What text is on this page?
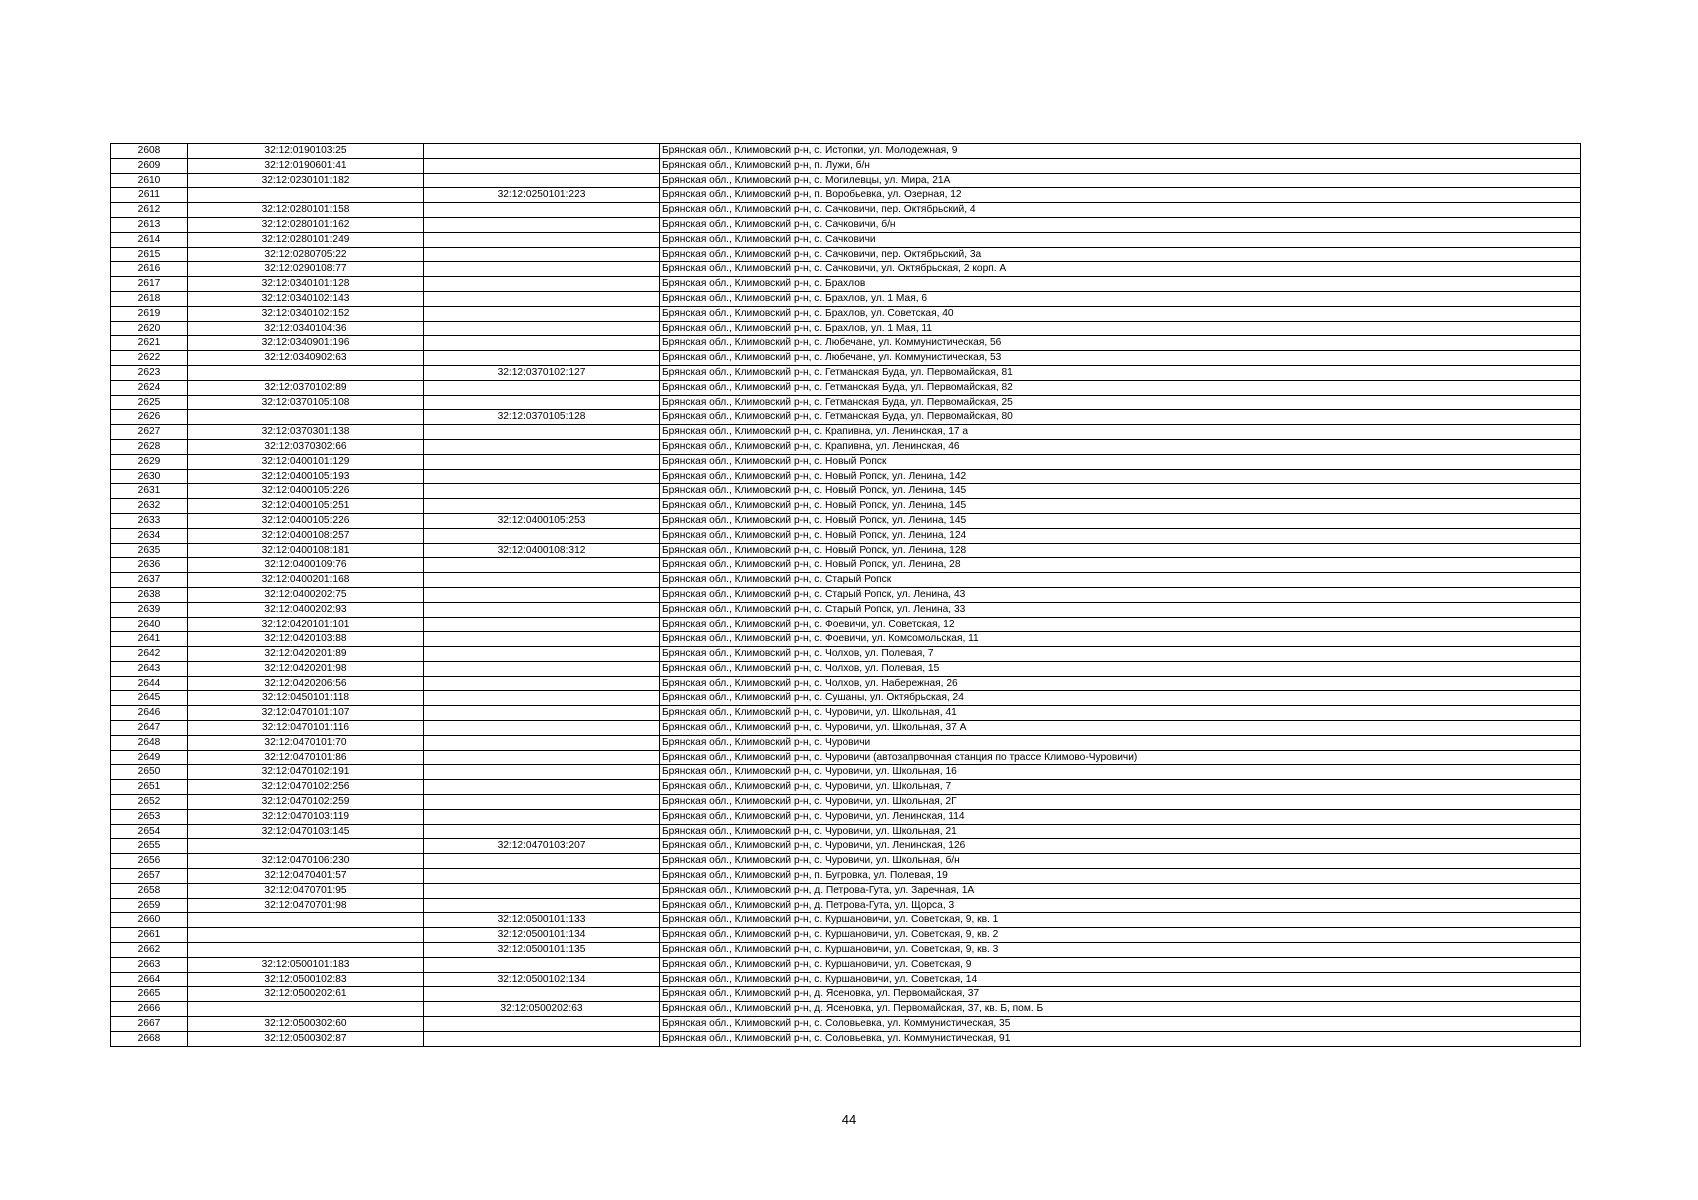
2608	32:12:0190103:25		Брянская обл., Климовский р-н, с. Истопки, ул. Молодежная, 9
2609	32:12:0190601:41		Брянская обл., Климовский р-н, п. Лужи, б/н
2610	32:12:0230101:182		Брянская обл., Климовский р-н, с. Могилевцы, ул. Мира, 21А
2611		32:12:0250101:223	Брянская обл., Климовский р-н, п. Воробьевка, ул. Озерная, 12
2612	32:12:0280101:158		Брянская обл., Климовский р-н, с. Сачковичи, пер. Октябрьский, 4
2613	32:12:0280101:162		Брянская обл., Климовский р-н, с. Сачковичи, б/н
2614	32:12:0280101:249		Брянская обл., Климовский р-н, с. Сачковичи
2615	32:12:0280705:22		Брянская обл., Климовский р-н, с. Сачковичи, пер. Октябрьский, 3а
2616	32:12:0290108:77		Брянская обл., Климовский р-н, с. Сачковичи, ул. Октябрьская, 2 корп. А
2617	32:12:0340101:128		Брянская обл., Климовский р-н, с. Брахлов
2618	32:12:0340102:143		Брянская обл., Климовский р-н, с. Брахлов, ул. 1 Мая, 6
2619	32:12:0340102:152		Брянская обл., Климовский р-н, с. Брахлов, ул. Советская, 40
2620	32:12:0340104:36		Брянская обл., Климовский р-н, с. Брахлов, ул. 1 Мая, 11
2621	32:12:0340901:196		Брянская обл., Климовский р-н, с. Любечане, ул. Коммунистическая, 56
2622	32:12:0340902:63		Брянская обл., Климовский р-н, с. Любечане, ул. Коммунистическая, 53
2623		32:12:0370102:127	Брянская обл., Климовский р-н, с. Гетманская Буда, ул. Первомайская, 81
2624	32:12:0370102:89		Брянская обл., Климовский р-н, с. Гетманская Буда, ул. Первомайская, 82
2625	32:12:0370105:108		Брянская обл., Климовский р-н, с. Гетманская Буда, ул. Первомайская, 25
2626		32:12:0370105:128	Брянская обл., Климовский р-н, с. Гетманская Буда, ул. Первомайская, 80
2627	32:12:0370301:138		Брянская обл., Климовский р-н, с. Крапивна, ул. Ленинская, 17 а
2628	32:12:0370302:66		Брянская обл., Климовский р-н, с. Крапивна, ул. Ленинская, 46
2629	32:12:0400101:129		Брянская обл., Климовский р-н, с. Новый Ропск
2630	32:12:0400105:193		Брянская обл., Климовский р-н, с. Новый Ропск, ул. Ленина, 142
2631	32:12:0400105:226		Брянская обл., Климовский р-н, с. Новый Ропск, ул. Ленина, 145
2632	32:12:0400105:251		Брянская обл., Климовский р-н, с. Новый Ропск, ул. Ленина, 145
2633	32:12:0400105:226	32:12:0400105:253	Брянская обл., Климовский р-н, с. Новый Ропск, ул. Ленина, 145
2634	32:12:0400108:257		Брянская обл., Климовский р-н, с. Новый Ропск, ул. Ленина, 124
2635	32:12:0400108:181	32:12:0400108:312	Брянская обл., Климовский р-н, с. Новый Ропск, ул. Ленина, 128
2636	32:12:0400109:76		Брянская обл., Климовский р-н, с. Новый Ропск, ул. Ленина, 28
2637	32:12:0400201:168		Брянская обл., Климовский р-н, с. Старый Ропск
2638	32:12:0400202:75		Брянская обл., Климовский р-н, с. Старый Ропск, ул. Ленина, 43
2639	32:12:0400202:93		Брянская обл., Климовский р-н, с. Старый Ропск, ул. Ленина, 33
2640	32:12:0420101:101		Брянская обл., Климовский р-н, с. Фоевичи, ул. Советская, 12
2641	32:12:0420103:88		Брянская обл., Климовский р-н, с. Фоевичи, ул. Комсомольская, 11
2642	32:12:0420201:89		Брянская обл., Климовский р-н, с. Чолхов, ул. Полевая, 7
2643	32:12:0420201:98		Брянская обл., Климовский р-н, с. Чолхов, ул. Полевая, 15
2644	32:12:0420206:56		Брянская обл., Климовский р-н, с. Чолхов, ул. Набережная, 26
2645	32:12:0450101:118		Брянская обл., Климовский р-н, с. Сушаны, ул. Октябрьская, 24
2646	32:12:0470101:107		Брянская обл., Климовский р-н, с. Чуровичи, ул. Школьная, 41
2647	32:12:0470101:116		Брянская обл., Климовский р-н, с. Чуровичи, ул. Школьная, 37 А
2648	32:12:0470101:70		Брянская обл., Климовский р-н, с. Чуровичи
2649	32:12:0470101:86		Брянская обл., Климовский р-н, с. Чуровичи (автозапрвочная станция по трассе Климово-Чуровичи)
2650	32:12:0470102:191		Брянская обл., Климовский р-н, с. Чуровичи, ул. Школьная, 16
2651	32:12:0470102:256		Брянская обл., Климовский р-н, с. Чуровичи, ул. Школьная, 7
2652	32:12:0470102:259		Брянская обл., Климовский р-н, с. Чуровичи, ул. Школьная, 2Г
2653	32:12:0470103:119		Брянская обл., Климовский р-н, с. Чуровичи, ул. Ленинская, 114
2654	32:12:0470103:145		Брянская обл., Климовский р-н, с. Чуровичи, ул. Школьная, 21
2655		32:12:0470103:207	Брянская обл., Климовский р-н, с. Чуровичи, ул. Ленинская, 126
2656	32:12:0470106:230		Брянская обл., Климовский р-н, с. Чуровичи, ул. Школьная, б/н
2657	32:12:0470401:57		Брянская обл., Климовский р-н, п. Бугровка, ул. Полевая, 19
2658	32:12:0470701:95		Брянская обл., Климовский р-н, д. Петрова-Гута, ул. Заречная, 1А
2659	32:12:0470701:98		Брянская обл., Климовский р-н, д. Петрова-Гута, ул. Щорса, 3
2660		32:12:0500101:133	Брянская обл., Климовский р-н, с. Куршановичи, ул. Советская, 9, кв. 1
2661		32:12:0500101:134	Брянская обл., Климовский р-н, с. Куршановичи, ул. Советская, 9, кв. 2
2662		32:12:0500101:135	Брянская обл., Климовский р-н, с. Куршановичи, ул. Советская, 9, кв. 3
2663	32:12:0500101:183		Брянская обл., Климовский р-н, с. Куршановичи, ул. Советская, 9
2664	32:12:0500102:83	32:12:0500102:134	Брянская обл., Климовский р-н, с. Куршановичи, ул. Советская, 14
2665	32:12:0500202:61		Брянская обл., Климовский р-н, д. Ясеновка, ул. Первомайская, 37
2666		32:12:0500202:63	Брянская обл., Климовский р-н, д. Ясеновка, ул. Первомайская, 37, кв. Б, пом. Б
2667	32:12:0500302:60		Брянская обл., Климовский р-н, с. Соловьевка, ул. Коммунистическая, 35
2668	32:12:0500302:87		Брянская обл., Климовский р-н, с. Соловьевка, ул. Коммунистическая, 91
44
